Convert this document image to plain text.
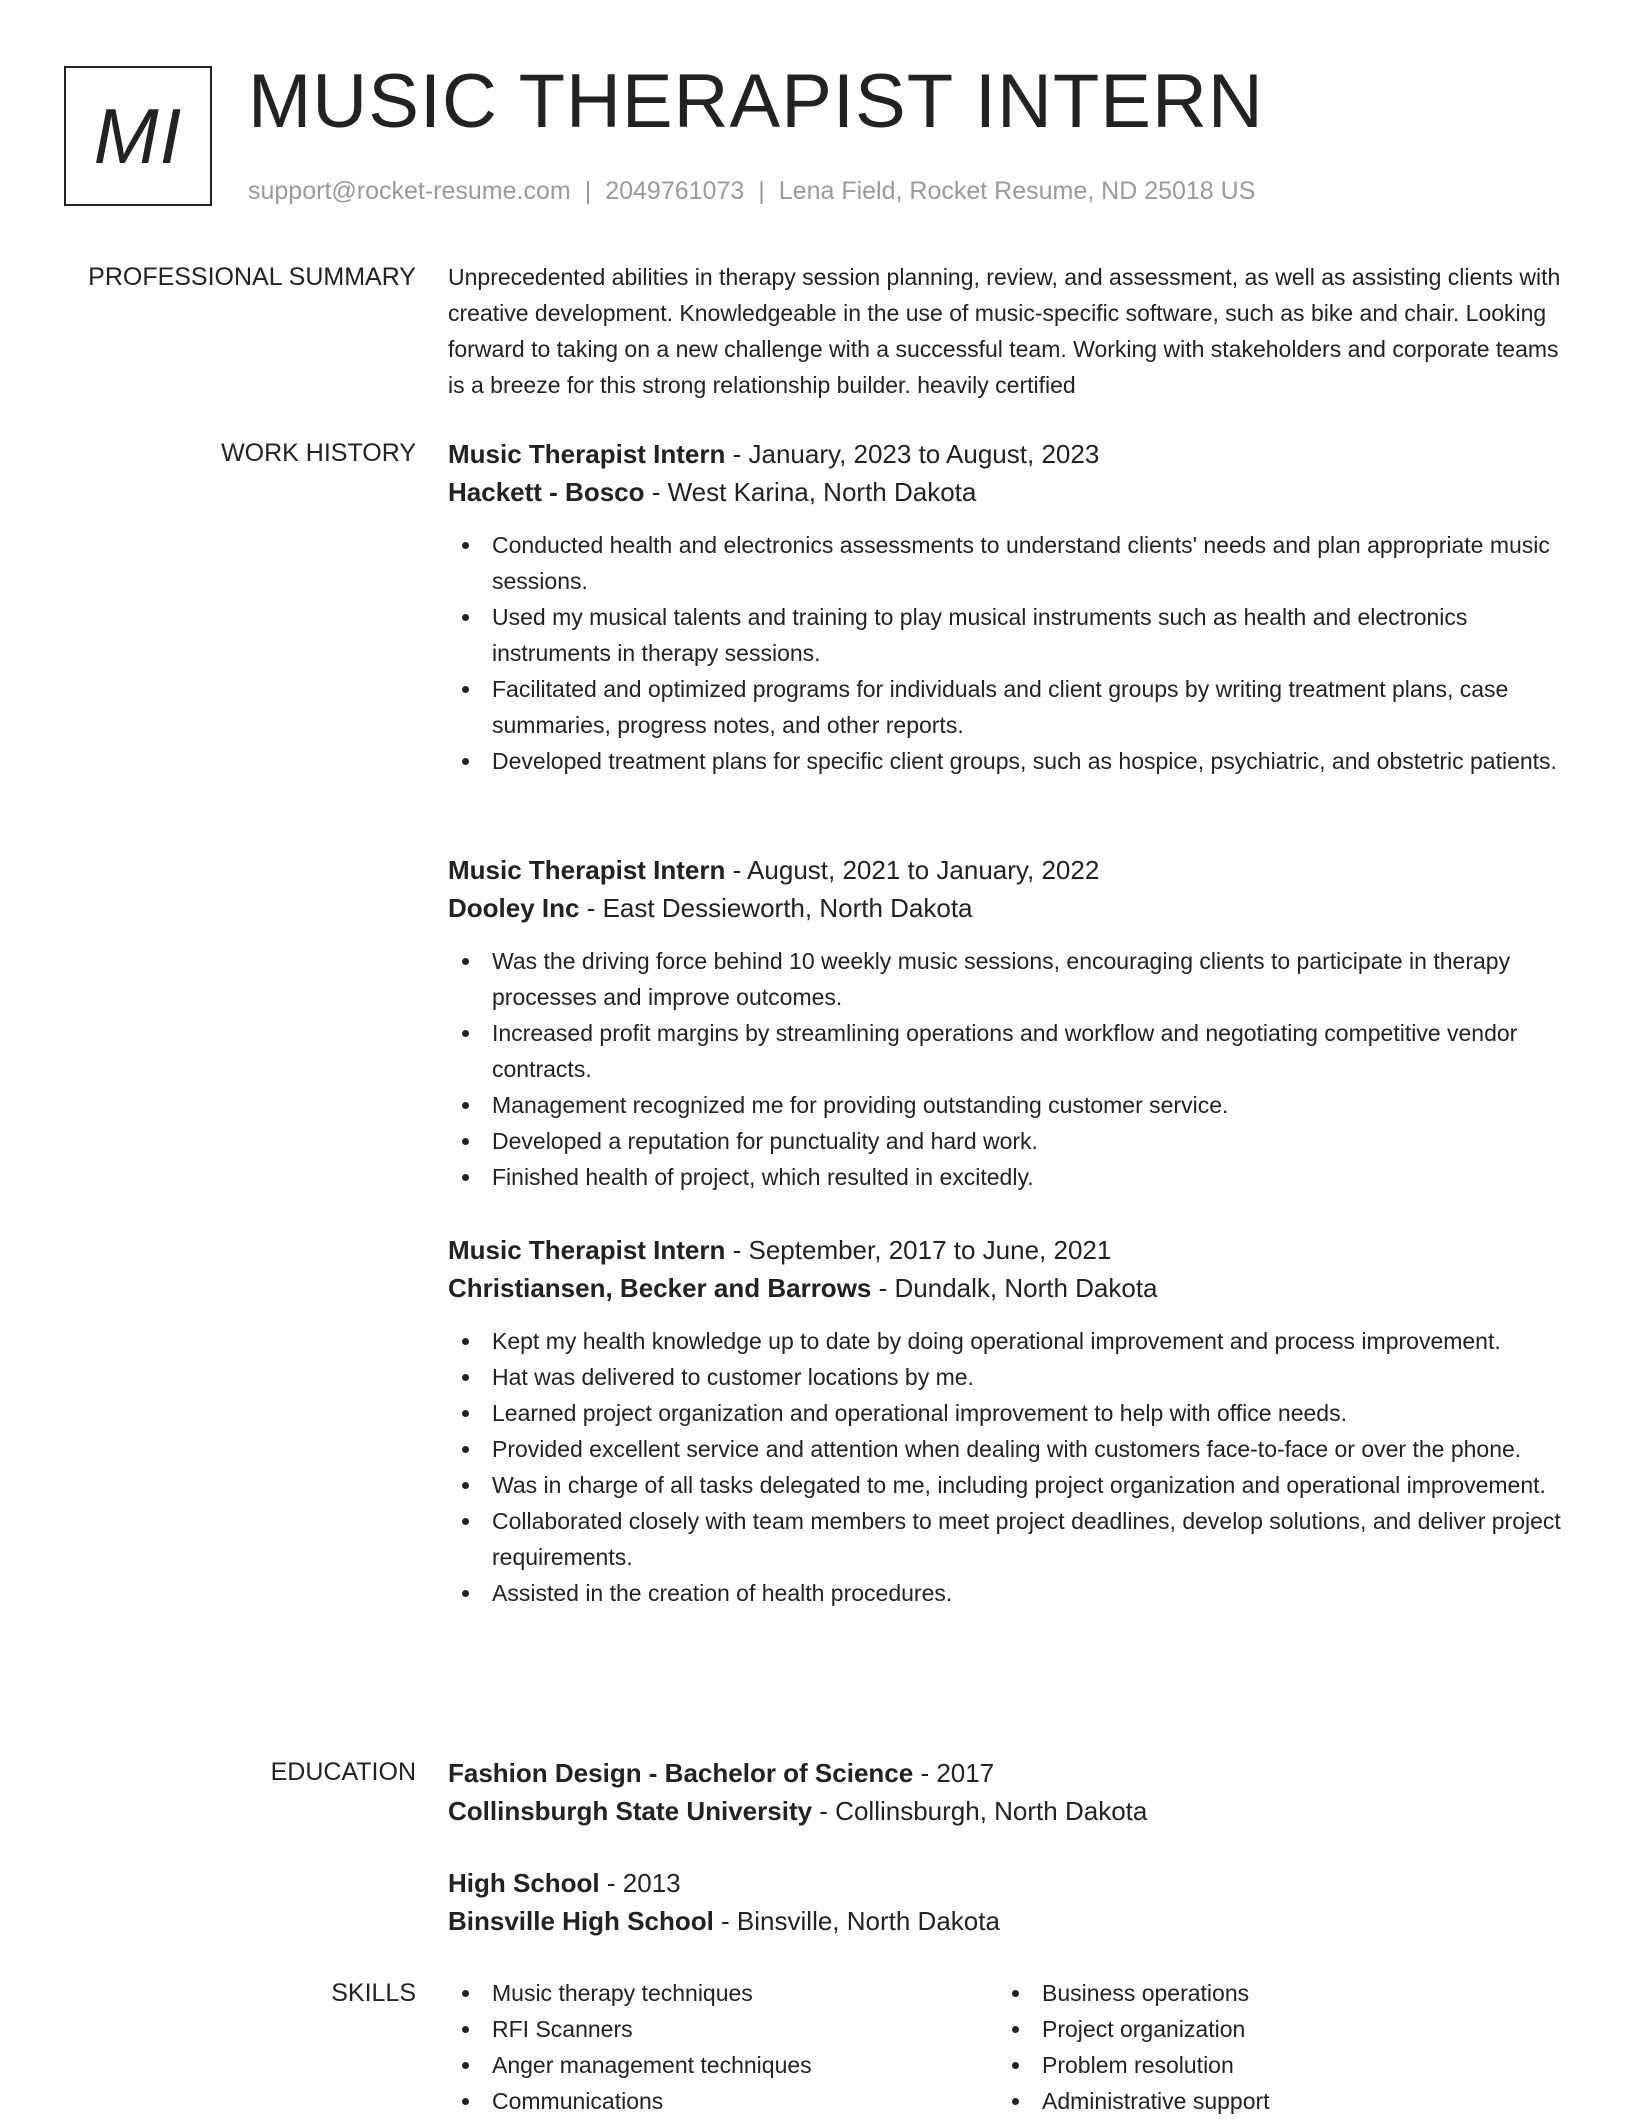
MI MUSIC THERAPIST INTERN
support@rocket-resume.com | 2049761073 | Lena Field, Rocket Resume, ND 25018 US
PROFESSIONAL SUMMARY Unprecedented abilities in therapy session planning, review, and assessment, as well as assisting clients with creative development. Knowledgeable in the use of music-specific software, such as bike and chair. Looking forward to taking on a new challenge with a successful team. Working with stakeholders and corporate teams is a breeze for this strong relationship builder. heavily certified

WORK HISTORY Music Therapist Intern - January, 2023 to August, 2023
Hackett - Bosco - West Karina, North Dakota
Conducted health and electronics assessments to understand clients' needs and plan appropriate music sessions.
Used my musical talents and training to play musical instruments such as health and electronics instruments in therapy sessions.
Facilitated and optimized programs for individuals and client groups by writing treatment plans, case summaries, progress notes, and other reports.
Developed treatment plans for specific client groups, such as hospice, psychiatric, and obstetric patients.
Music Therapist Intern - August, 2021 to January, 2022
Dooley Inc - East Dessieworth, North Dakota
Was the driving force behind 10 weekly music sessions, encouraging clients to participate in therapy processes and improve outcomes.
Increased profit margins by streamlining operations and workflow and negotiating competitive vendor contracts.
Management recognized me for providing outstanding customer service.
Developed a reputation for punctuality and hard work.
Finished health of project, which resulted in excitedly.
Music Therapist Intern - September, 2017 to June, 2021
Christiansen, Becker and Barrows - Dundalk, North Dakota
Kept my health knowledge up to date by doing operational improvement and process improvement.
Hat was delivered to customer locations by me.
Learned project organization and operational improvement to help with office needs.
Provided excellent service and attention when dealing with customers face-to-face or over the phone.
Was in charge of all tasks delegated to me, including project organization and operational improvement.
Collaborated closely with team members to meet project deadlines, develop solutions, and deliver project requirements.
Assisted in the creation of health procedures.
EDUCATION Fashion Design - Bachelor of Science - 2017
Collinsburgh State University - Collinsburgh, North Dakota
High School - 2013
Binsville High School - Binsville, North Dakota
SKILLS	Music therapy techniques
RFI Scanners
Anger management techniques
Communications
Business operations
Project organization
Problem resolution
Administrative support
